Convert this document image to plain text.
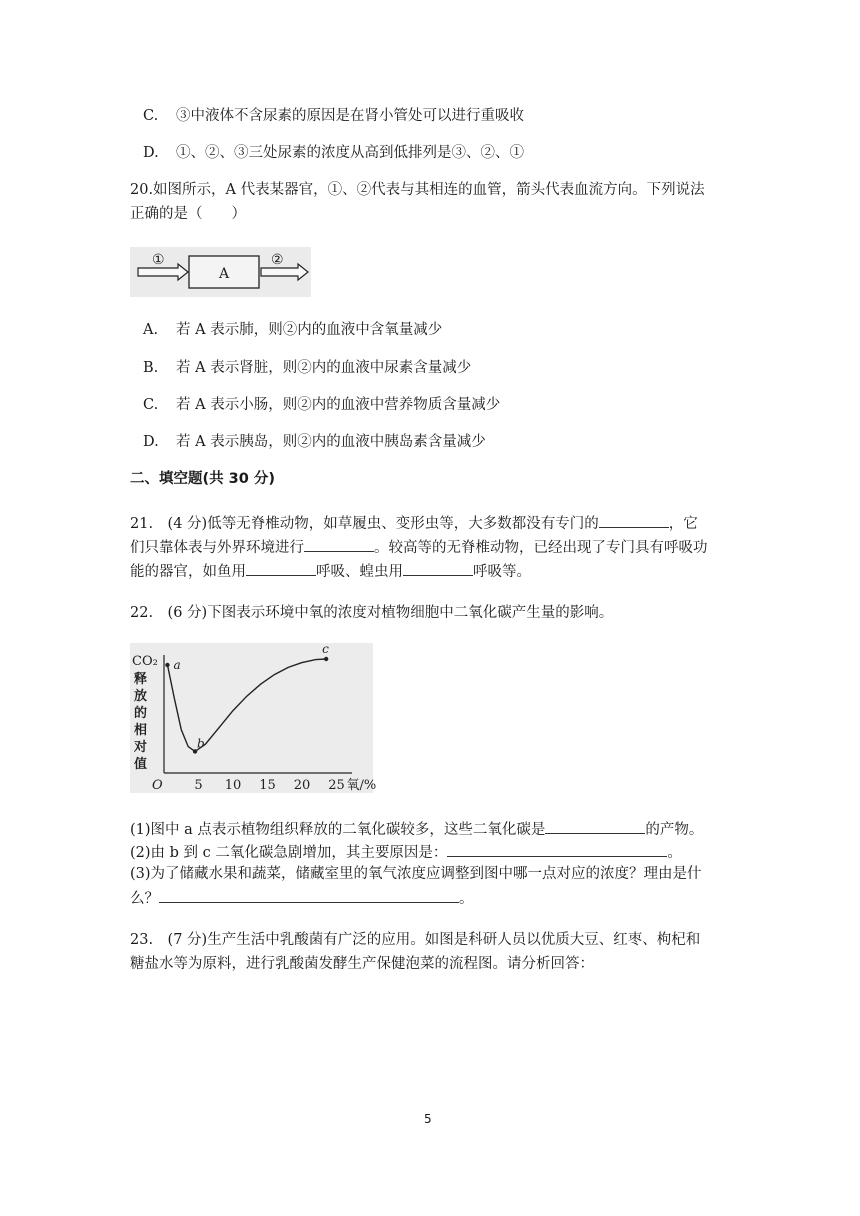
C. ③中液体不含尿素的原因是在肾小管处可以进行重吸收
D. ①、②、③三处尿素的浓度从高到低排列是③、②、①
20.如图所示，A 代表某器官，①、②代表与其相连的血管，箭头代表血流方向。下列说法
正确的是（　　）
①
A
②
A. 若 A 表示肺，则②内的血液中含氧量减少
B. 若 A 表示肾脏，则②内的血液中尿素含量减少
C. 若 A 表示小肠，则②内的血液中营养物质含量减少
D. 若 A 表示胰岛，则②内的血液中胰岛素含量减少
二、填空题(共 30 分)
21.　(4 分)低等无脊椎动物，如草履虫、变形虫等，大多数都没有专门的	，它
们只靠体表与外界环境进行	。较高等的无脊椎动物，已经出现了专门具有呼吸功
能的器官，如鱼用	呼吸、蝗虫用	呼吸等。
22.　(6 分)下图表示环境中氧的浓度对植物细胞中二氧化碳产生量的影响。
CO₂
释
放
的
相
对
值
O 5 10 15 20 25 氧/%
a
b
c
(1)图中 a 点表示植物组织释放的二氧化碳较多，这些二氧化碳是	的产物。
(2)由 b 到 c 二氧化碳急剧增加，其主要原因是：	。
(3)为了储藏水果和蔬菜，储藏室里的氧气浓度应调整到图中哪一点对应的浓度？理由是什
么？	。
23.　(7 分)生产生活中乳酸菌有广泛的应用。如图是科研人员以优质大豆、红枣、枸杞和
糖盐水等为原料，进行乳酸菌发酵生产保健泡菜的流程图。请分析回答：
5
